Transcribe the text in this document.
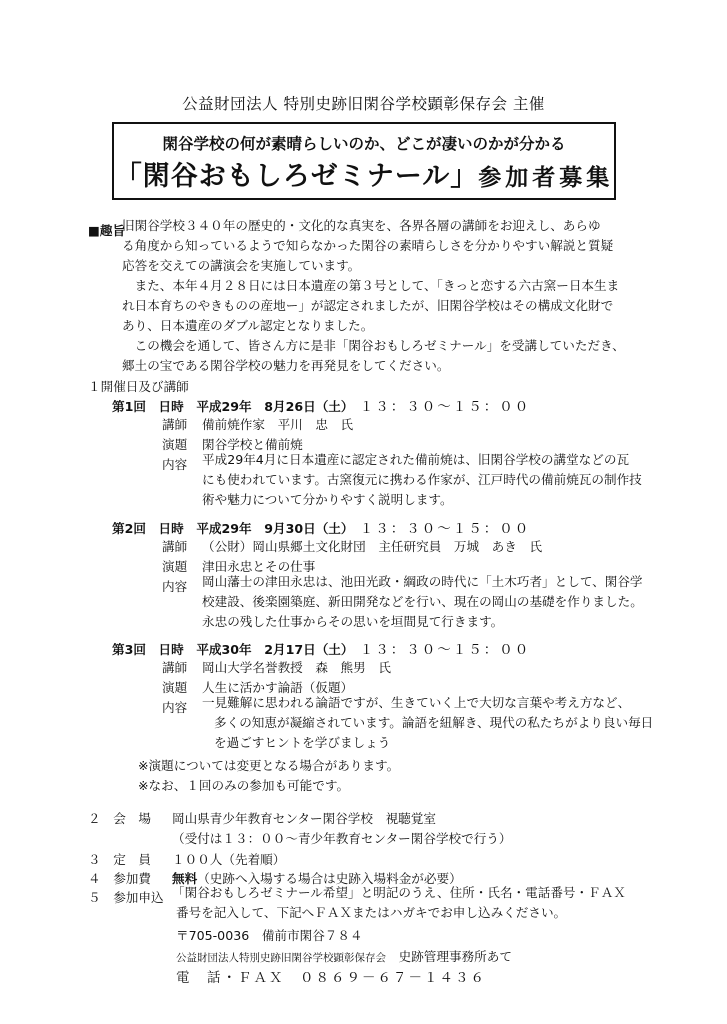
公益財団法人 特別史跡旧閑谷学校顕彰保存会 主催
閑谷学校の何が素晴らしいのか、どこが凄いのかが分かる
「閑谷おもしろゼミナール」参加者募集
■趣旨
旧閑谷学校３４０年の歴史的・文化的な真実を、各界各層の講師をお迎えし、あらゆ
る角度から知っているようで知らなかった閑谷の素晴らしさを分かりやすい解説と質疑
応答を交えての講演会を実施しています。
　また、本年４月２８日には日本遺産の第３号として、「きっと恋する六古窯ー日本生ま
れ日本育ちのやきものの産地ー」が認定されましたが、旧閑谷学校はその構成文化財で
あり、日本遺産のダブル認定となりました。
　この機会を通して、皆さん方に是非「閑谷おもしろゼミナール」を受講していただき、
郷土の宝である閑谷学校の魅力を再発見をしてください。
１開催日及び講師
第1回　日時　平成29年　8月26日（土）　 １３：３０～１５：００
講師 備前焼作家　平川　忠　氏
演題 閑谷学校と備前焼
内容 平成29年4月に日本遺産に認定された備前焼は、旧閑谷学校の講堂などの瓦
にも使われています。古窯復元に携わる作家が、江戸時代の備前焼瓦の制作技
術や魅力について分かりやすく説明します。
第2回　日時　平成29年　9月30日（土）　 １３：３０～１５：００
講師 （公財）岡山県郷土文化財団　主任研究員　万城　あき　氏
演題 津田永忠とその仕事
内容 岡山藩士の津田永忠は、池田光政・綱政の時代に「土木巧者」として、閑谷学
校建設、後楽園築庭、新田開発などを行い、現在の岡山の基礎を作りました。
永忠の残した仕事からその思いを垣間見て行きます。
第3回　日時　平成30年　2月17日（土）　 １３：３０～１５：００
講師 岡山大学名誉教授　森　熊男　氏
演題 人生に活かす論語（仮題）
内容 一見難解に思われる論語ですが、生きていく上で大切な言葉や考え方など、
多くの知恵が凝縮されています。論語を紐解き、現代の私たちがより良い毎日
を過ごすヒントを学びましょう
※演題については変更となる場合があります。
※なお、１回のみの参加も可能です。
２　会　場 岡山県青少年教育センター閑谷学校　視聴覚室
（受付は１３：００～青少年教育センター閑谷学校で行う）
３　定　員 １００人（先着順）
４　参加費 無料（史跡へ入場する場合は史跡入場料金が必要）
５　参加申込 「閑谷おもしろゼミナール希望」と明記のうえ、住所・氏名・電話番号・ＦＡＸ
番号を記入して、下記へＦＡＸまたはハガキでお申し込みください。
〒705-0036　備前市閑谷７８４
公益財団法人特別史跡旧閑谷学校顕彰保存会　 史跡管理事務所あて
電　話・ＦＡＸ　０８６９－６７－１４３６
